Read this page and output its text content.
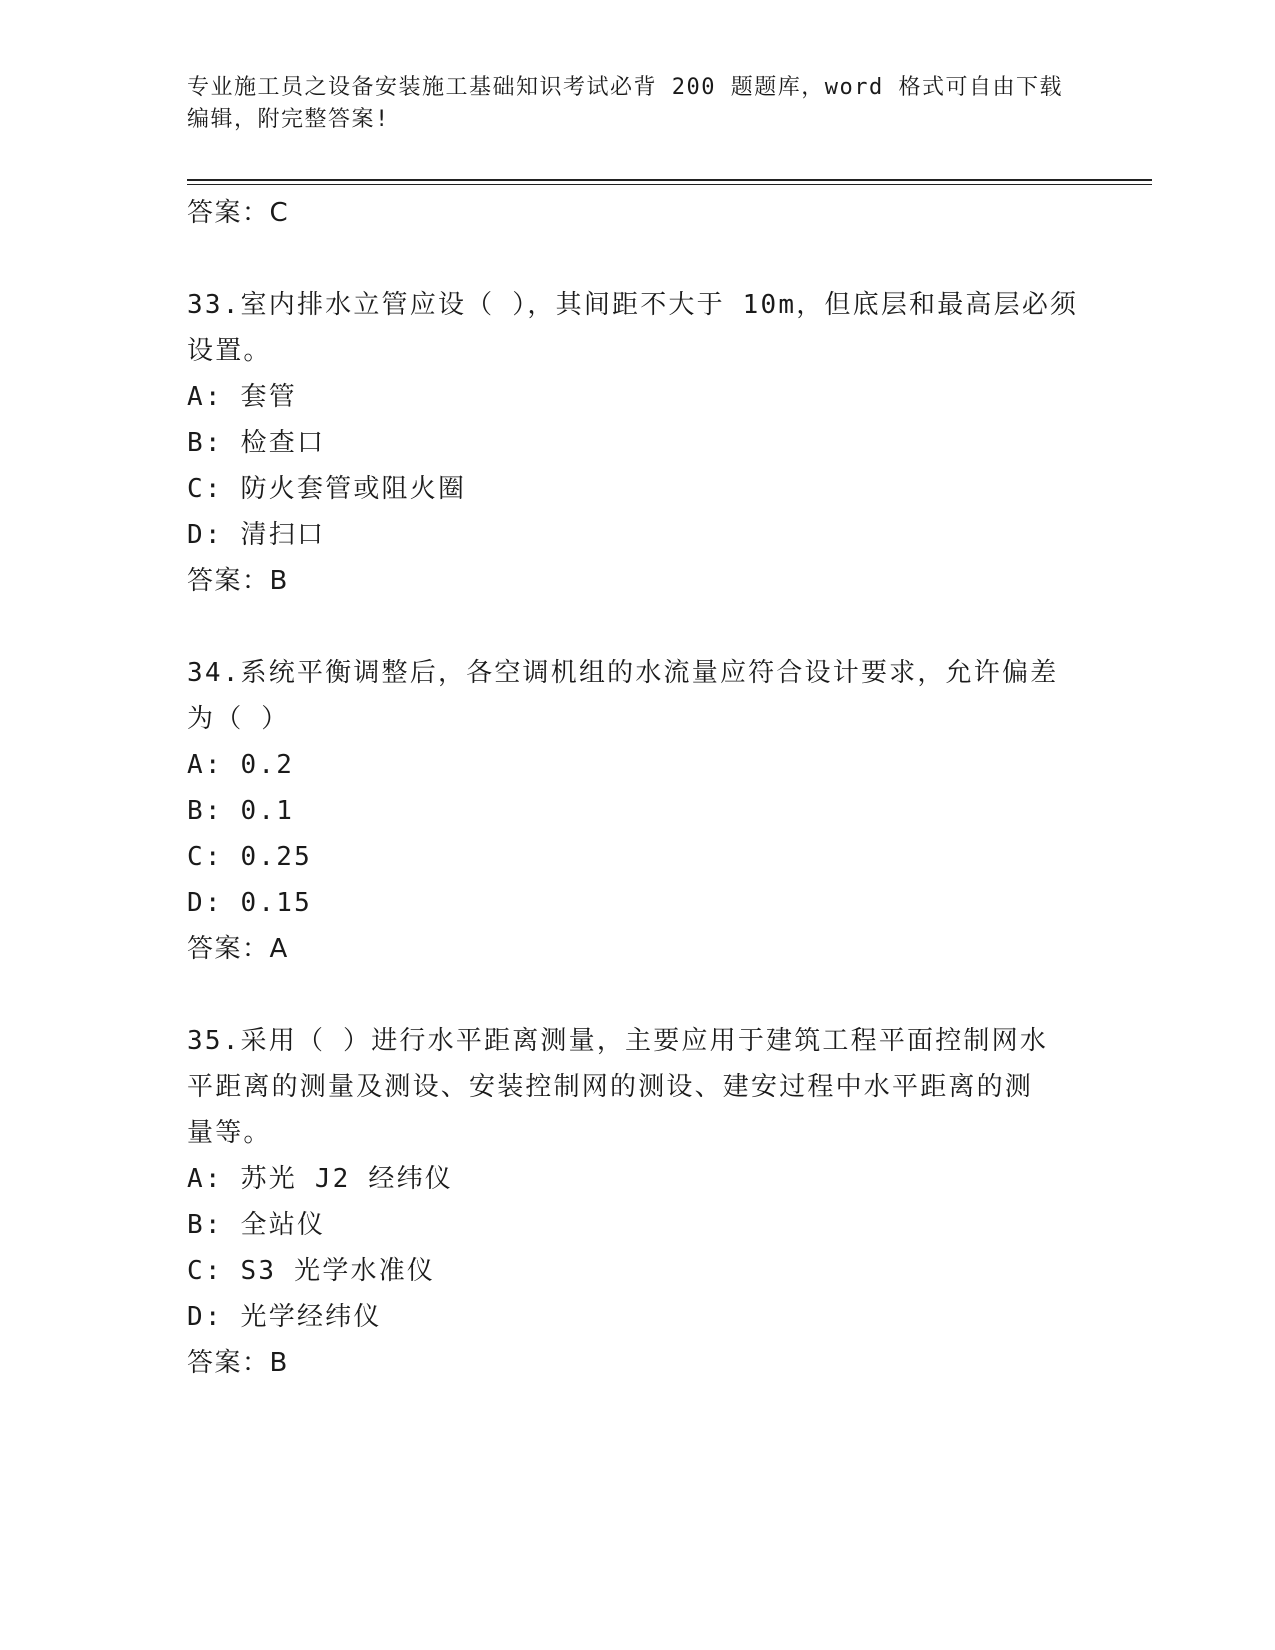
专业施工员之设备安装施工基础知识考试必背 200 题题库，word 格式可自由下载
编辑，附完整答案!
答案：C
33.室内排水立管应设（ ），其间距不大于 10m，但底层和最高层必须
设置。
A: 套管
B: 检查口
C: 防火套管或阻火圈
D: 清扫口
答案：B
34.系统平衡调整后，各空调机组的水流量应符合设计要求，允许偏差
为（ ）
A: 0.2
B: 0.1
C: 0.25
D: 0.15
答案：A
35.采用（ ）进行水平距离测量，主要应用于建筑工程平面控制网水
平距离的测量及测设、安装控制网的测设、建安过程中水平距离的测
量等。
A: 苏光 J2 经纬仪
B: 全站仪
C: S3 光学水准仪
D: 光学经纬仪
答案：B
